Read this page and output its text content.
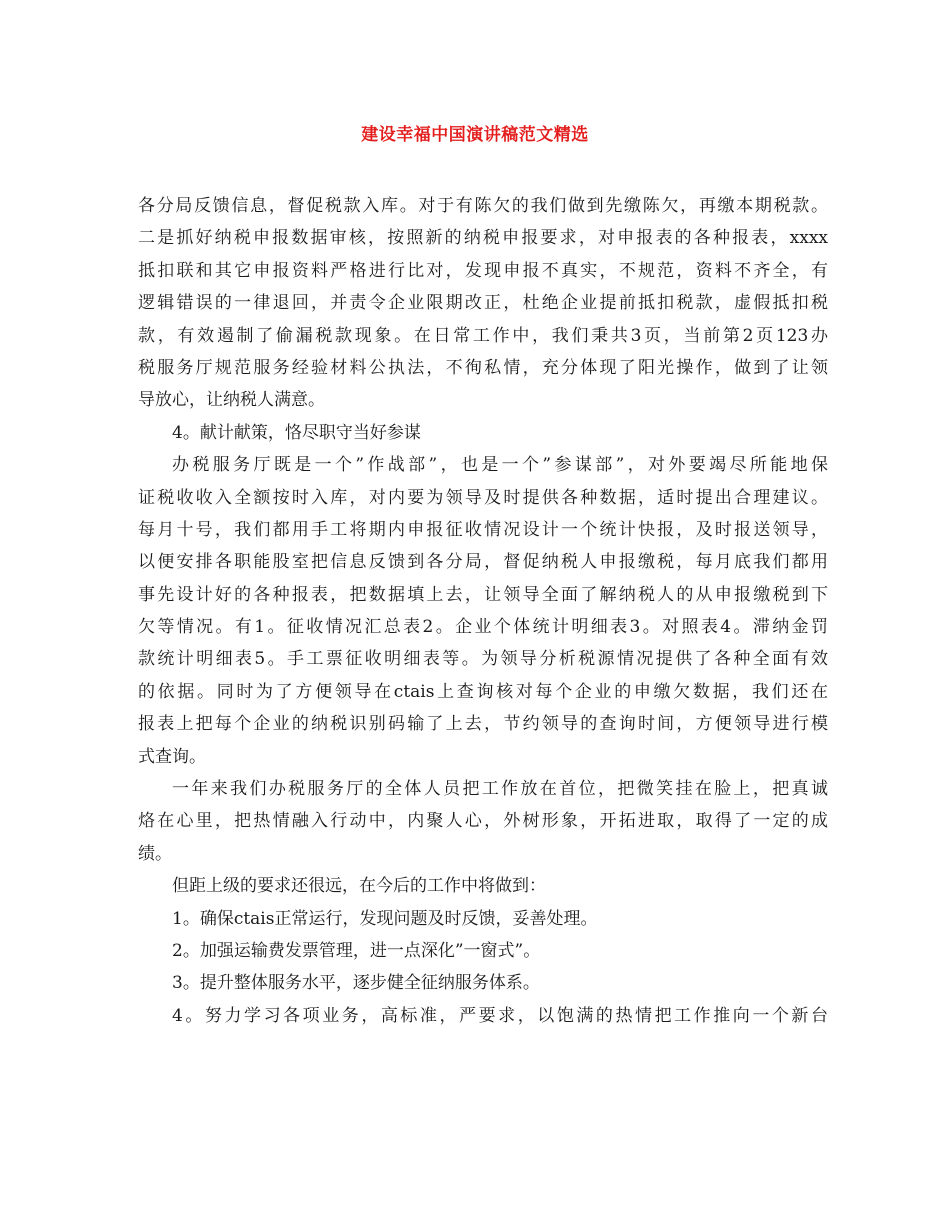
建设幸福中国演讲稿范文精选
各分局反馈信息，督促税款入库。对于有陈欠的我们做到先缴陈欠，再缴本期税款。
二是抓好纳税申报数据审核，按照新的纳税申报要求，对申报表的各种报表，xxxx
抵扣联和其它申报资料严格进行比对，发现申报不真实，不规范，资料不齐全，有
逻辑错误的一律退回，并责令企业限期改正，杜绝企业提前抵扣税款，虚假抵扣税
款，有效遏制了偷漏税款现象。在日常工作中，我们秉共3页，当前第2页123办
税服务厅规范服务经验材料公执法，不徇私情，充分体现了阳光操作，做到了让领
导放心，让纳税人满意。
4。献计献策，恪尽职守当好参谋
办税服务厅既是一个”作战部”，也是一个”参谋部”，对外要竭尽所能地保
证税收收入全额按时入库，对内要为领导及时提供各种数据，适时提出合理建议。
每月十号，我们都用手工将期内申报征收情况设计一个统计快报，及时报送领导，
以便安排各职能股室把信息反馈到各分局，督促纳税人申报缴税，每月底我们都用
事先设计好的各种报表，把数据填上去，让领导全面了解纳税人的从申报缴税到下
欠等情况。有1。征收情况汇总表2。企业个体统计明细表3。对照表4。滞纳金罚
款统计明细表5。手工票征收明细表等。为领导分析税源情况提供了各种全面有效
的依据。同时为了方便领导在ctais上查询核对每个企业的申缴欠数据，我们还在
报表上把每个企业的纳税识别码输了上去，节约领导的查询时间，方便领导进行模
式查询。
一年来我们办税服务厅的全体人员把工作放在首位，把微笑挂在脸上，把真诚
烙在心里，把热情融入行动中，内聚人心，外树形象，开拓进取，取得了一定的成
绩。
但距上级的要求还很远，在今后的工作中将做到：
1。确保ctais正常运行，发现问题及时反馈，妥善处理。
2。加强运输费发票管理，进一点深化”一窗式”。
3。提升整体服务水平，逐步健全征纳服务体系。
4。努力学习各项业务，高标准，严要求，以饱满的热情把工作推向一个新台
